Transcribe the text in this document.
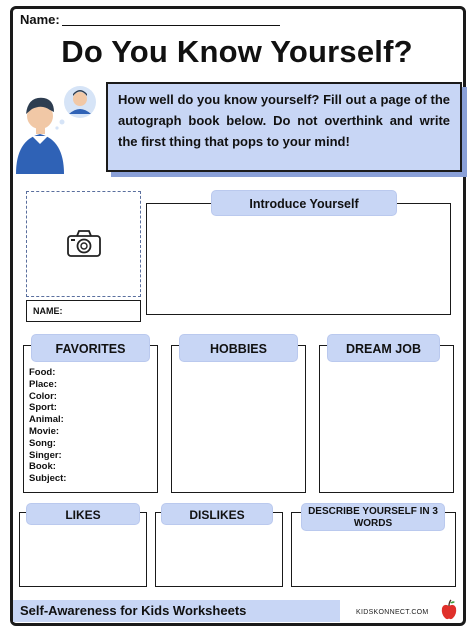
Name:
Do You Know Yourself?
How well do you know yourself? Fill out a page of the autograph book below. Do not overthink and write the first thing that pops to your mind!
NAME:
Introduce Yourself
FAVORITES	HOBBIES	DREAM JOB
Food:
Place:
Color:
Sport:
Animal:
Movie:
Song:
Singer:
Book:
Subject:
LIKES	DISLIKES	DESCRIBE YOURSELF IN 3 WORDS
Self-Awareness for Kids Worksheets	KIDSKONNECT.COM
